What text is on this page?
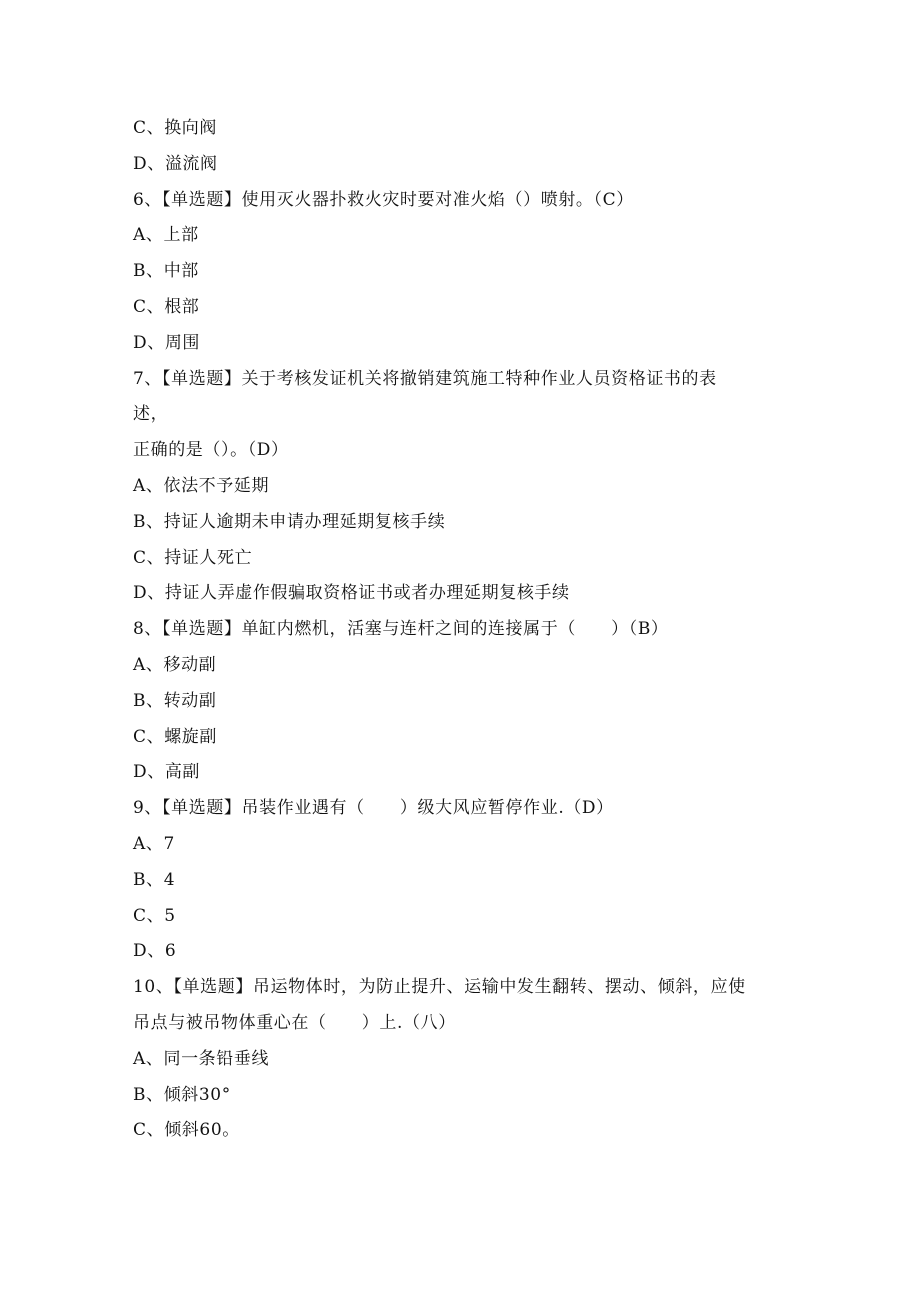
C、换向阀
D、溢流阀
6、【单选题】使用灭火器扑救火灾时要对准火焰（）喷射。（C）
A、上部
B、中部
C、根部
D、周围
7、【单选题】关于考核发证机关将撤销建筑施工特种作业人员资格证书的表
述，
正确的是（）。（D）
A、依法不予延期
B、持证人逾期未申请办理延期复核手续
C、持证人死亡
D、持证人弄虚作假骗取资格证书或者办理延期复核手续
8、【单选题】单缸内燃机，活塞与连杆之间的连接属于（　　）（B）
A、移动副
B、转动副
C、螺旋副
D、高副
9、【单选题】吊装作业遇有（　　）级大风应暂停作业.（D）
A、7
B、4
C、5
D、6
10、【单选题】吊运物体时，为防止提升、运输中发生翻转、摆动、倾斜，应使
吊点与被吊物体重心在（　　）上.（八）
A、同一条铅垂线
B、倾斜30°
C、倾斜60。
